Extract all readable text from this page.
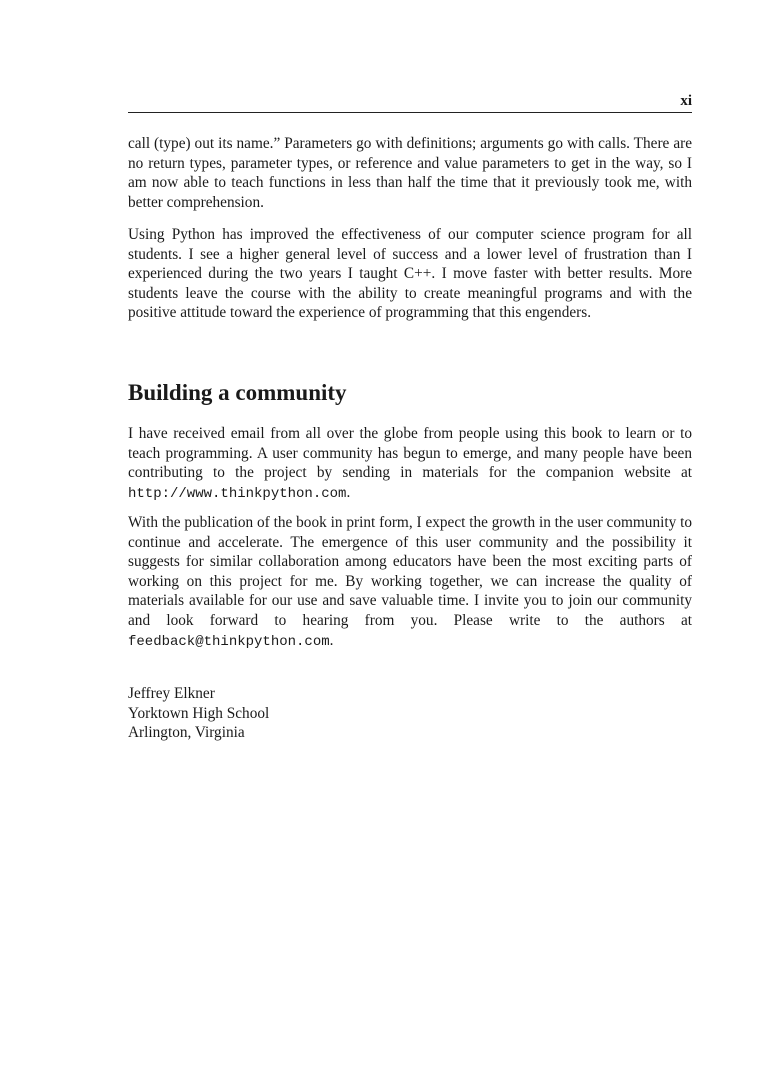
xi

call (type) out its name.” Parameters go with definitions; arguments go with calls. There are no return types, parameter types, or reference and value parameters to get in the way, so I am now able to teach functions in less than half the time that it previously took me, with better comprehension.

Using Python has improved the effectiveness of our computer science program for all students. I see a higher general level of success and a lower level of frustration than I experienced during the two years I taught C++. I move faster with better results. More students leave the course with the ability to create meaningful programs and with the positive attitude toward the experience of programming that this engenders.

Building a community

I have received email from all over the globe from people using this book to learn or to teach programming. A user community has begun to emerge, and many people have been contributing to the project by sending in materials for the companion website at http://www.thinkpython.com.

With the publication of the book in print form, I expect the growth in the user community to continue and accelerate. The emergence of this user community and the possibility it suggests for similar collaboration among educators have been the most exciting parts of working on this project for me. By working together, we can increase the quality of materials available for our use and save valuable time. I invite you to join our community and look forward to hearing from you. Please write to the authors at feedback@thinkpython.com.

Jeffrey Elkner
Yorktown High School
Arlington, Virginia
